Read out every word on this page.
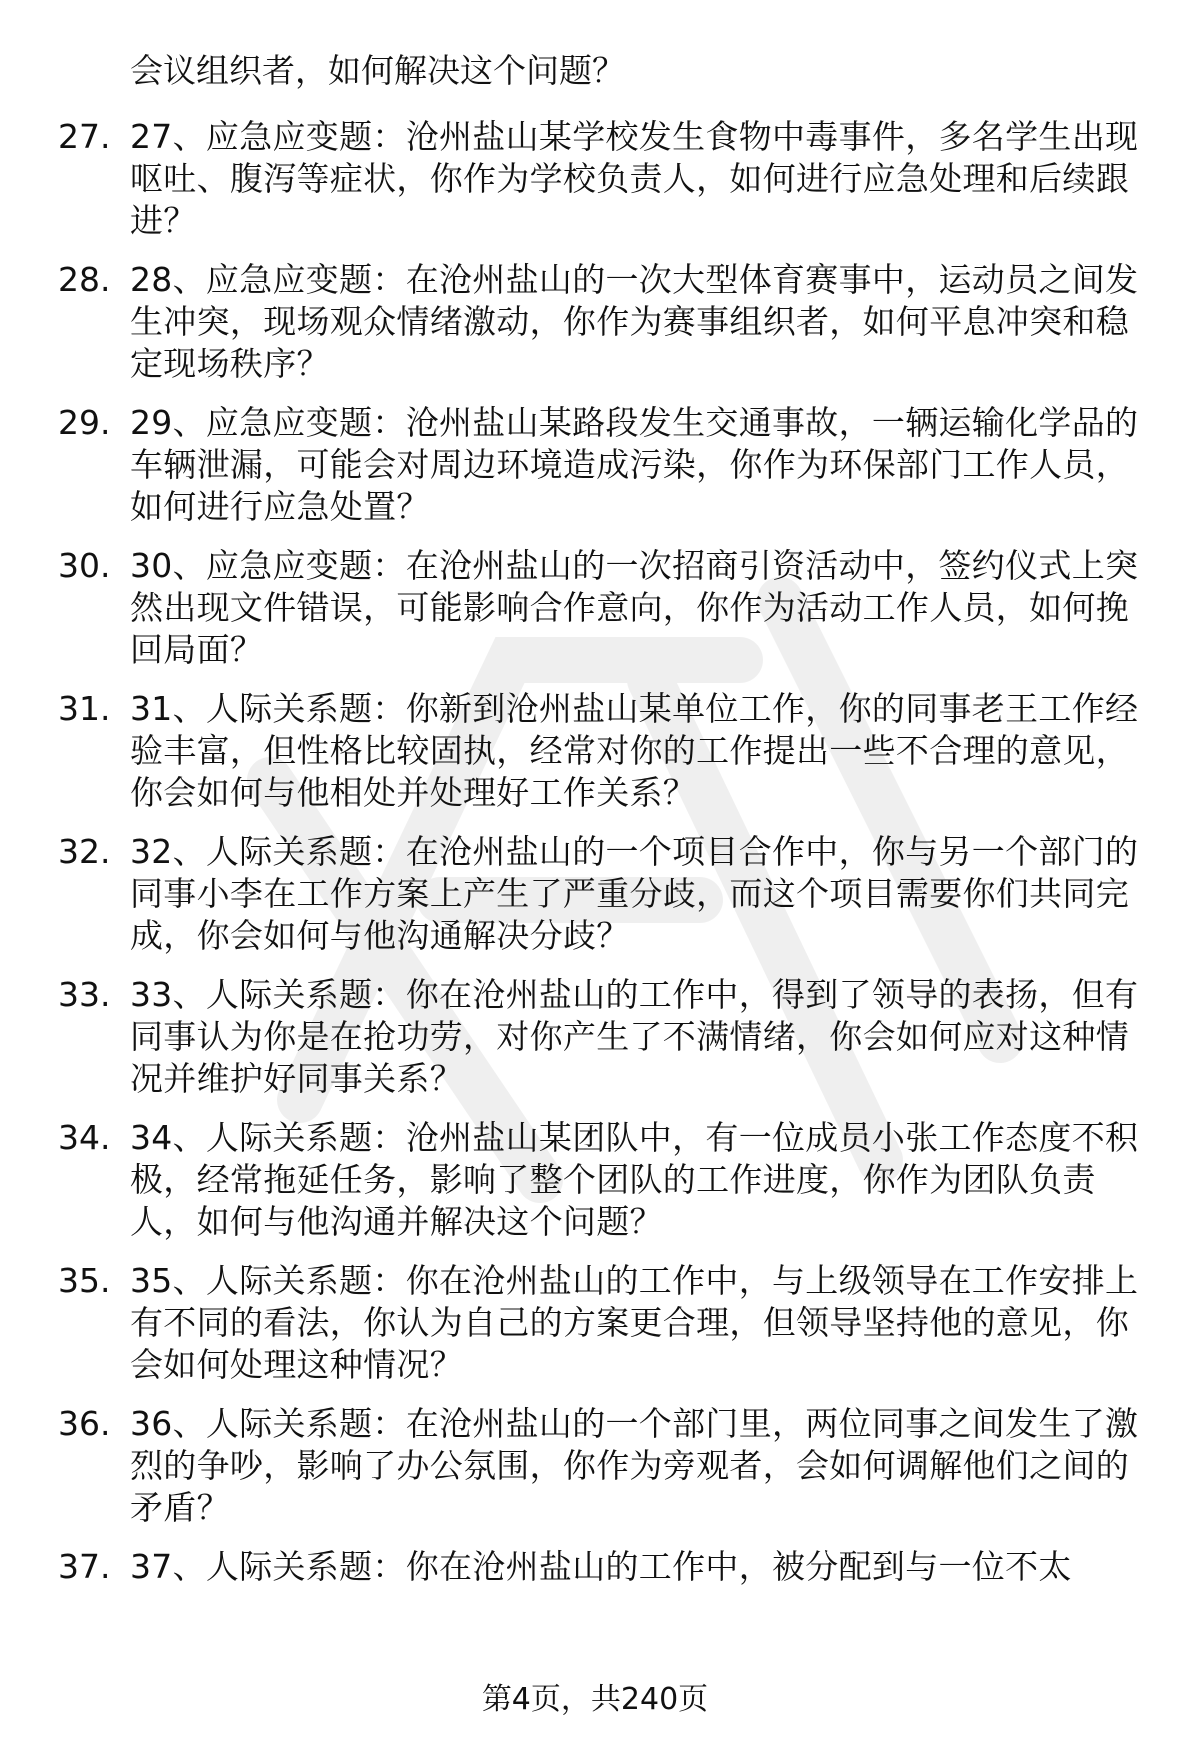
会议组织者，如何解决这个问题？

27. 27、应急应变题：沧州盐山某学校发生食物中毒事件，多名学生出现呕吐、腹泻等症状，你作为学校负责人，如何进行应急处理和后续跟进？
28. 28、应急应变题：在沧州盐山的一次大型体育赛事中，运动员之间发生冲突，现场观众情绪激动，你作为赛事组织者，如何平息冲突和稳定现场秩序？
29. 29、应急应变题：沧州盐山某路段发生交通事故，一辆运输化学品的车辆泄漏，可能会对周边环境造成污染，你作为环保部门工作人员，如何进行应急处置？
30. 30、应急应变题：在沧州盐山的一次招商引资活动中，签约仪式上突然出现文件错误，可能影响合作意向，你作为活动工作人员，如何挽回局面？
31. 31、人际关系题：你新到沧州盐山某单位工作，你的同事老王工作经验丰富，但性格比较固执，经常对你的工作提出一些不合理的意见，你会如何与他相处并处理好工作关系？
32. 32、人际关系题：在沧州盐山的一个项目合作中，你与另一个部门的同事小李在工作方案上产生了严重分歧，而这个项目需要你们共同完成，你会如何与他沟通解决分歧？
33. 33、人际关系题：你在沧州盐山的工作中，得到了领导的表扬，但有同事认为你是在抢功劳，对你产生了不满情绪，你会如何应对这种情况并维护好同事关系？
34. 34、人际关系题：沧州盐山某团队中，有一位成员小张工作态度不积极，经常拖延任务，影响了整个团队的工作进度，你作为团队负责人，如何与他沟通并解决这个问题？
35. 35、人际关系题：你在沧州盐山的工作中，与上级领导在工作安排上有不同的看法，你认为自己的方案更合理，但领导坚持他的意见，你会如何处理这种情况？
36. 36、人际关系题：在沧州盐山的一个部门里，两位同事之间发生了激烈的争吵，影响了办公氛围，你作为旁观者，会如何调解他们之间的矛盾？
37. 37、人际关系题：你在沧州盐山的工作中，被分配到与一位不太
第4页，共240页
